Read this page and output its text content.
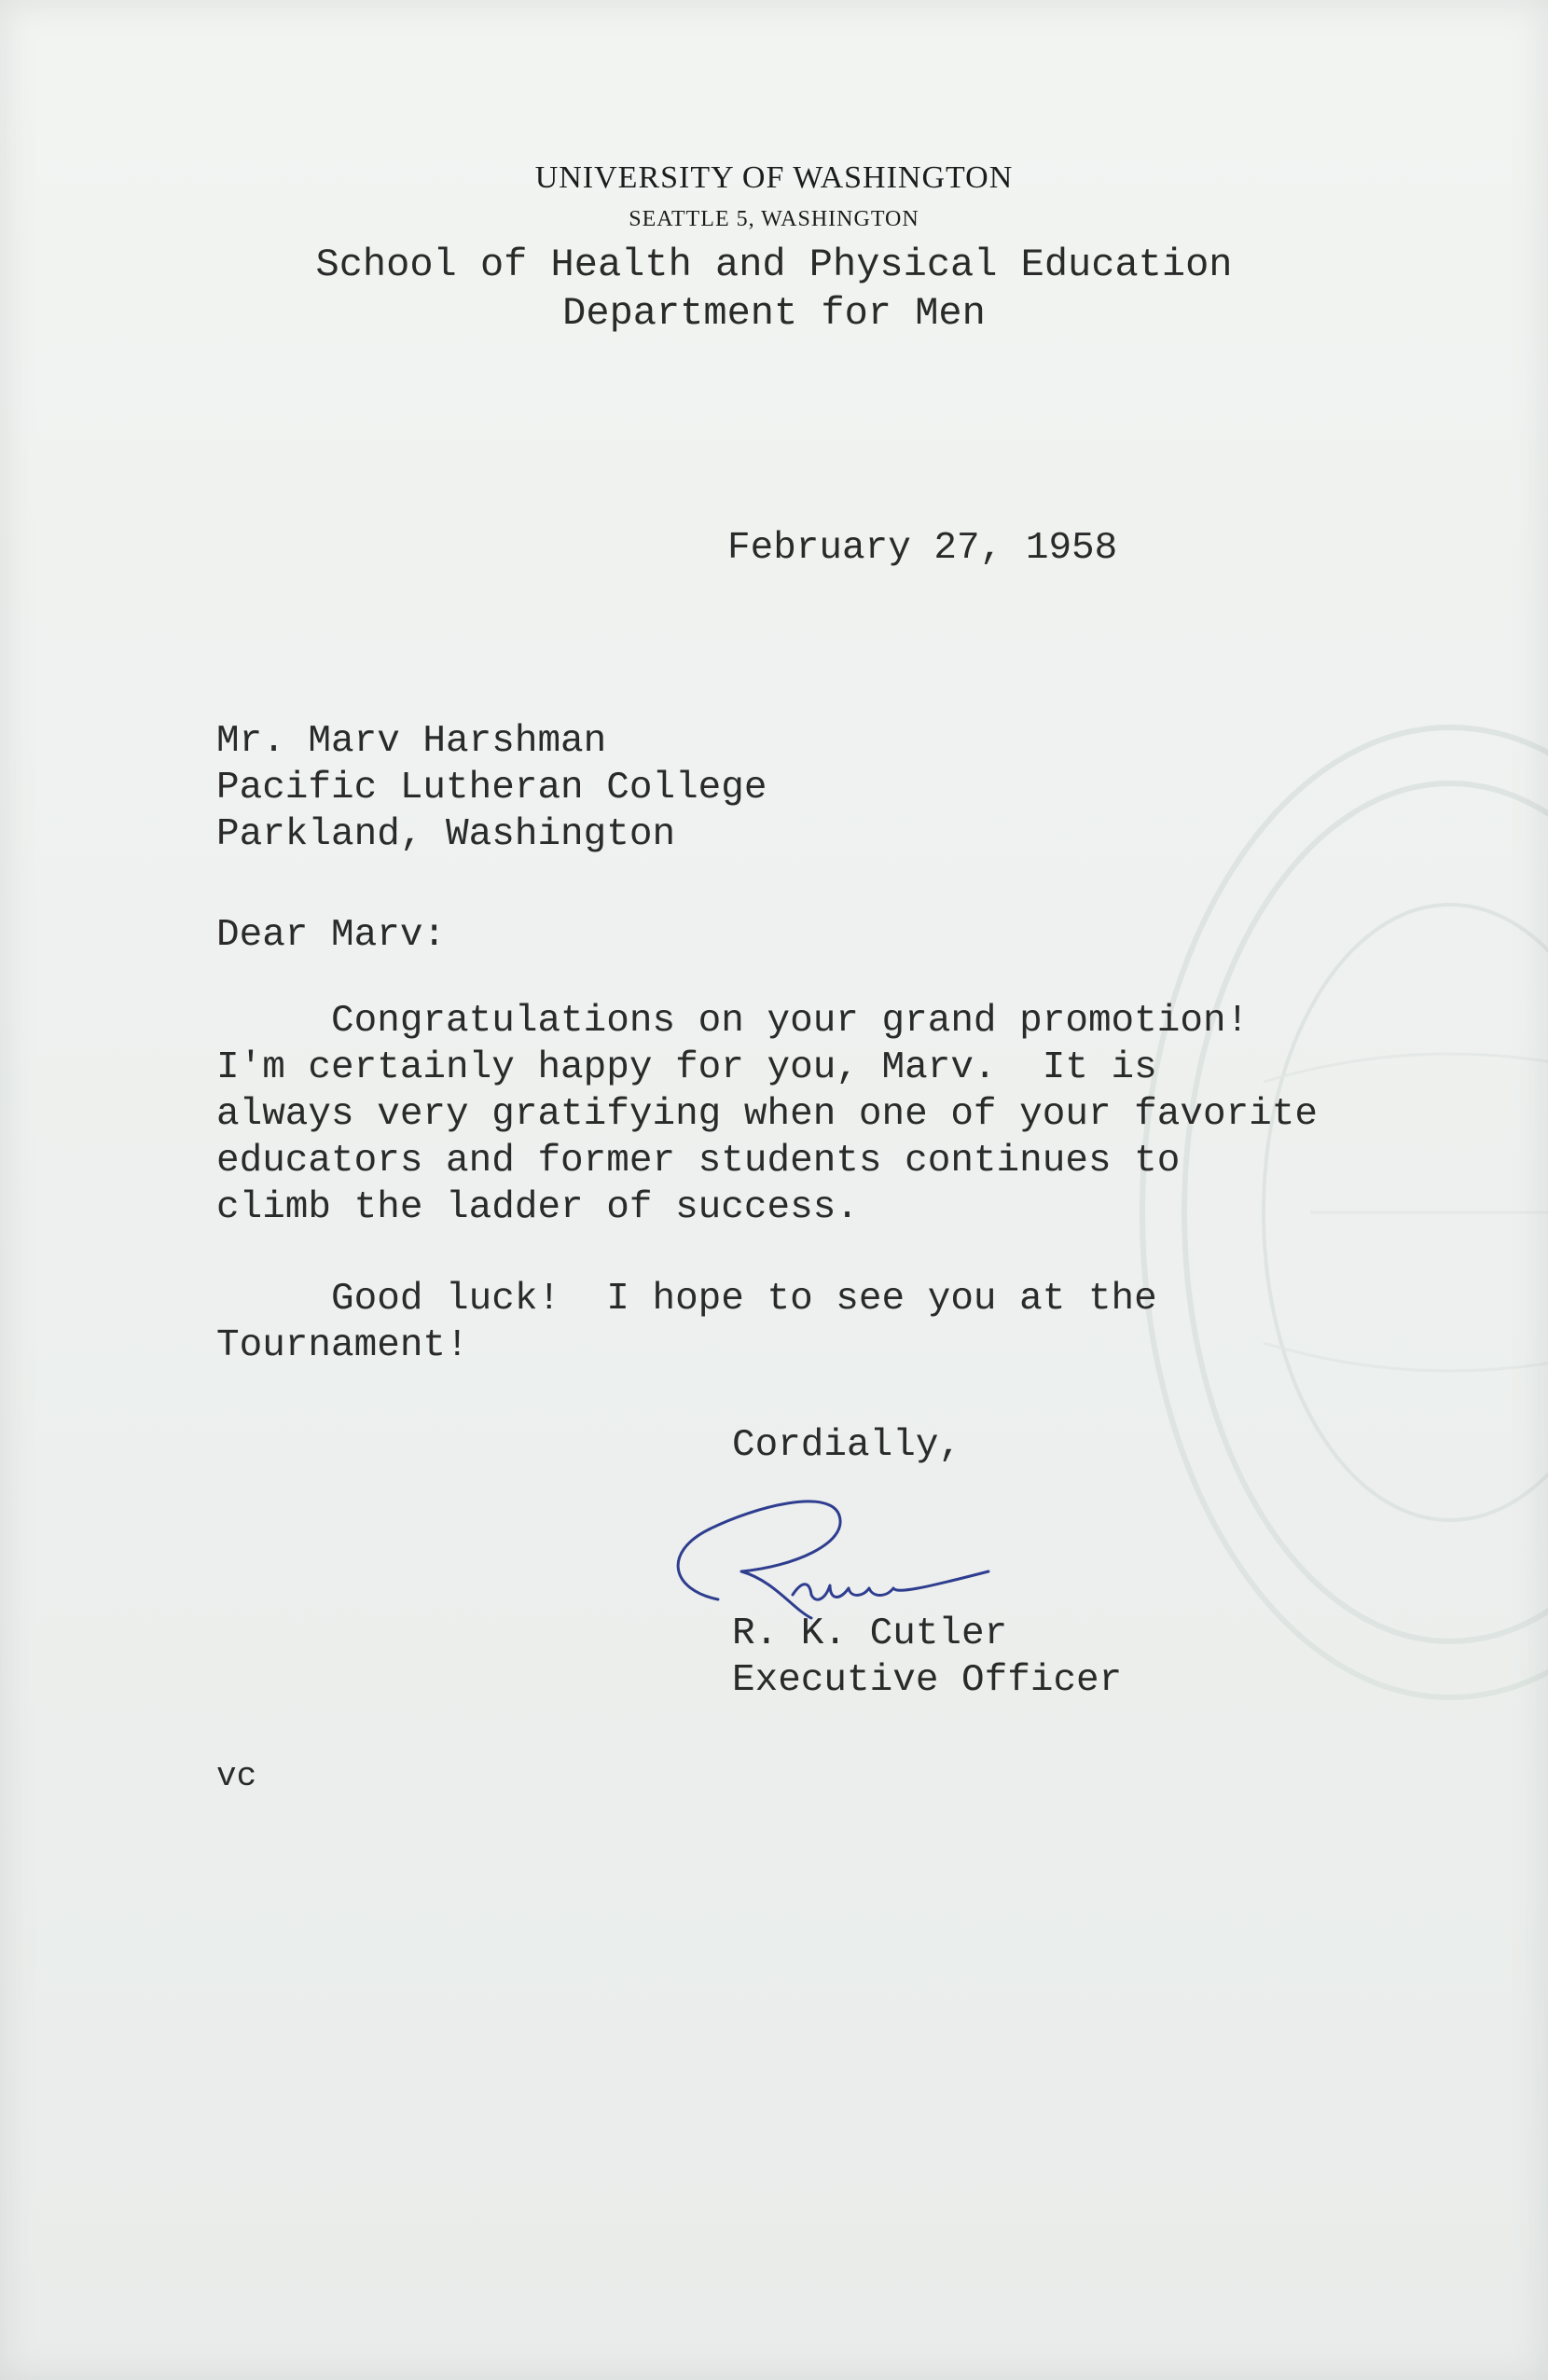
UNIVERSITY OF WASHINGTON
SEATTLE 5, WASHINGTON
School of Health and Physical Education
Department for Men
February 27, 1958
Mr. Marv Harshman
Pacific Lutheran College
Parkland, Washington
Dear Marv:
Congratulations on your grand promotion!
I'm certainly happy for you, Marv.  It is
always very gratifying when one of your favorite
educators and former students continues to
climb the ladder of success.
Good luck!  I hope to see you at the
Tournament!
Cordially,
R. K. Cutler
Executive Officer
vc
